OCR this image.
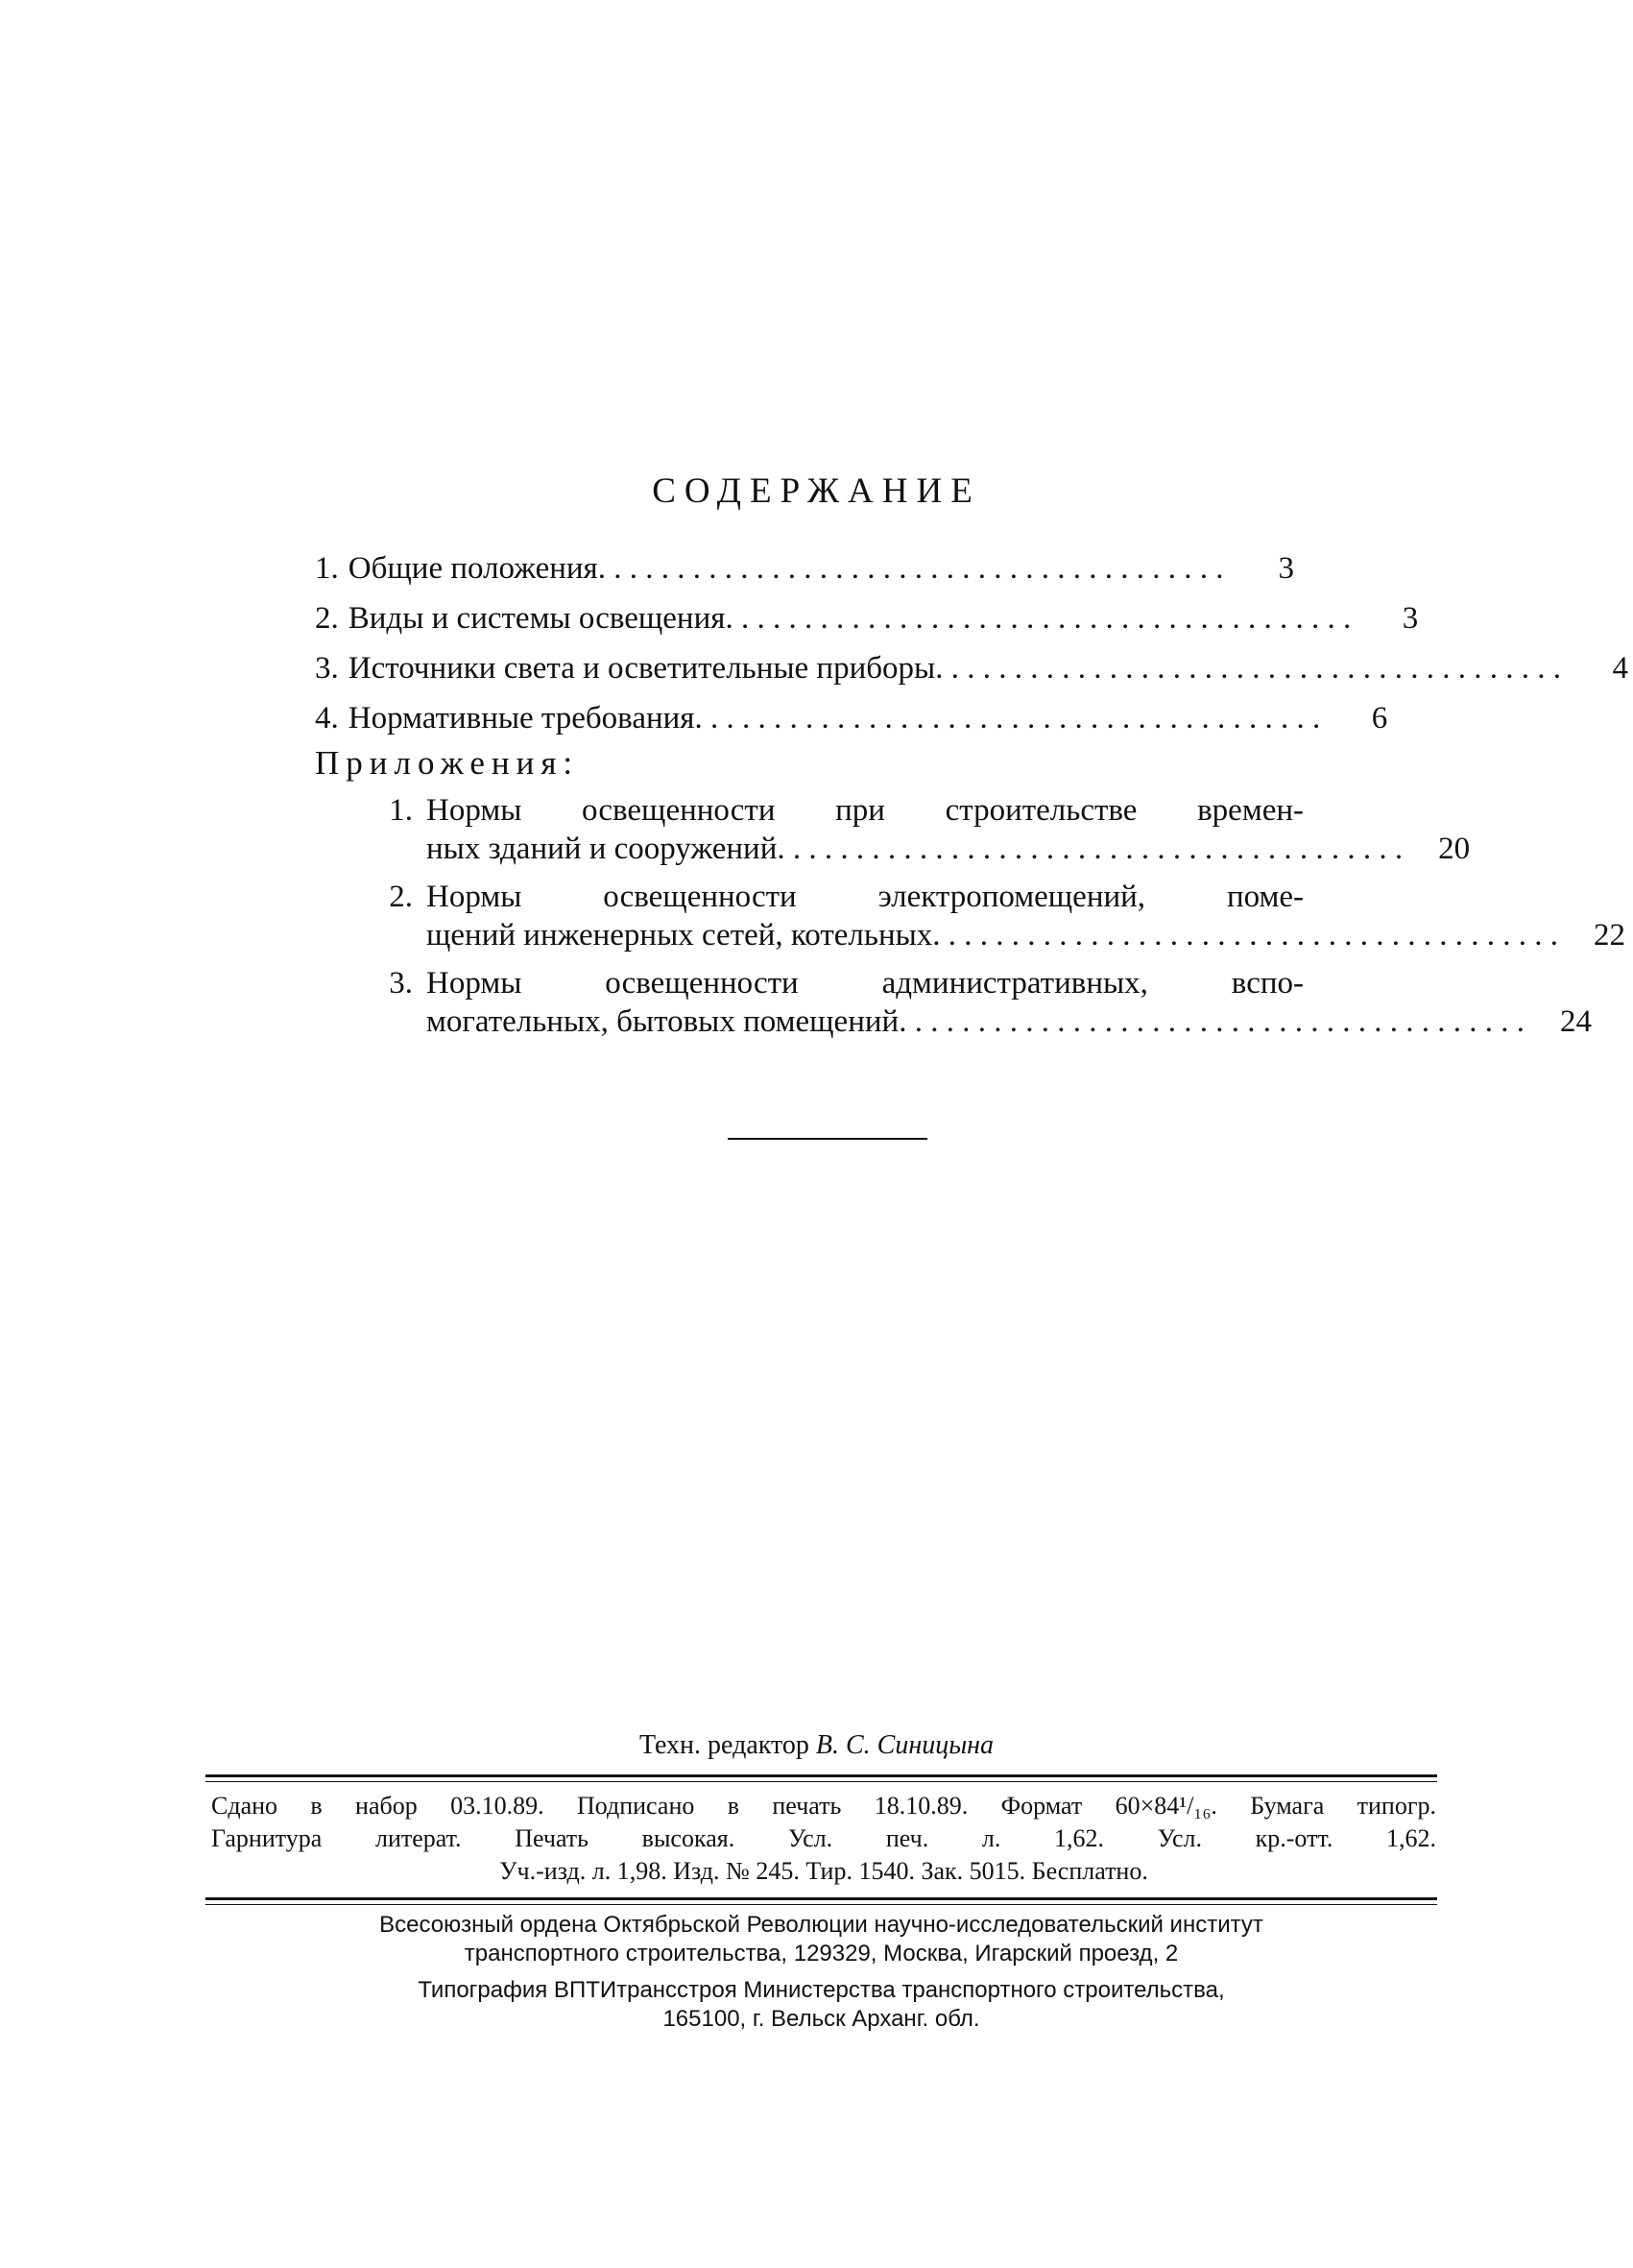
СОДЕРЖАНИЕ
1. Общие положения . . . . . . . . . . . . . . . . . . . . . . . . . . . . . . . . . . . . . . . .	3
2. Виды и системы освещения . . . . . . . . . . . . . . . . . . . . . . . . . . . . . . . . . . . . . . . .	3
3. Источники света и осветительные приборы . . . . . . . . . . . . . . . . . . . . . . . . . . . . . . . . . . . . . . . .	4
4. Нормативные требования . . . . . . . . . . . . . . . . . . . . . . . . . . . . . . . . . . . . . . . .	6
Приложения:
1. Нормы освещенности при строительстве времен-
ных зданий и сооружений . . . . . . . . . . . . . . . . . . . . . . . . . . . . . . . . . . . . . . . .	20
2. Нормы освещенности электропомещений, поме-
щений инженерных сетей, котельных . . . . . . . . . . . . . . . . . . . . . . . . . . . . . . . . . . . . . . . .	22
3. Нормы освещенности административных, вспо-
могательных, бытовых помещений . . . . . . . . . . . . . . . . . . . . . . . . . . . . . . . . . . . . . . . .	24
Техн. редактор В. С. Синицына
Сдано в набор 03.10.89. Подписано в печать 18.10.89. Формат 60×84¹/₁₆. Бумага типогр.
Гарнитура литерат. Печать высокая. Усл. печ. л. 1,62. Усл. кр.-отт. 1,62.
Уч.-изд. л. 1,98. Изд. № 245. Тир. 1540. Зак. 5015. Бесплатно.

Всесоюзный ордена Октябрьской Революции научно-исследовательский институт

транспортного строительства, 129329, Москва, Игарский проезд, 2

Типография ВПТИтрансстроя Министерства транспортного строительства,

165100, г. Вельск Арханг. обл.
